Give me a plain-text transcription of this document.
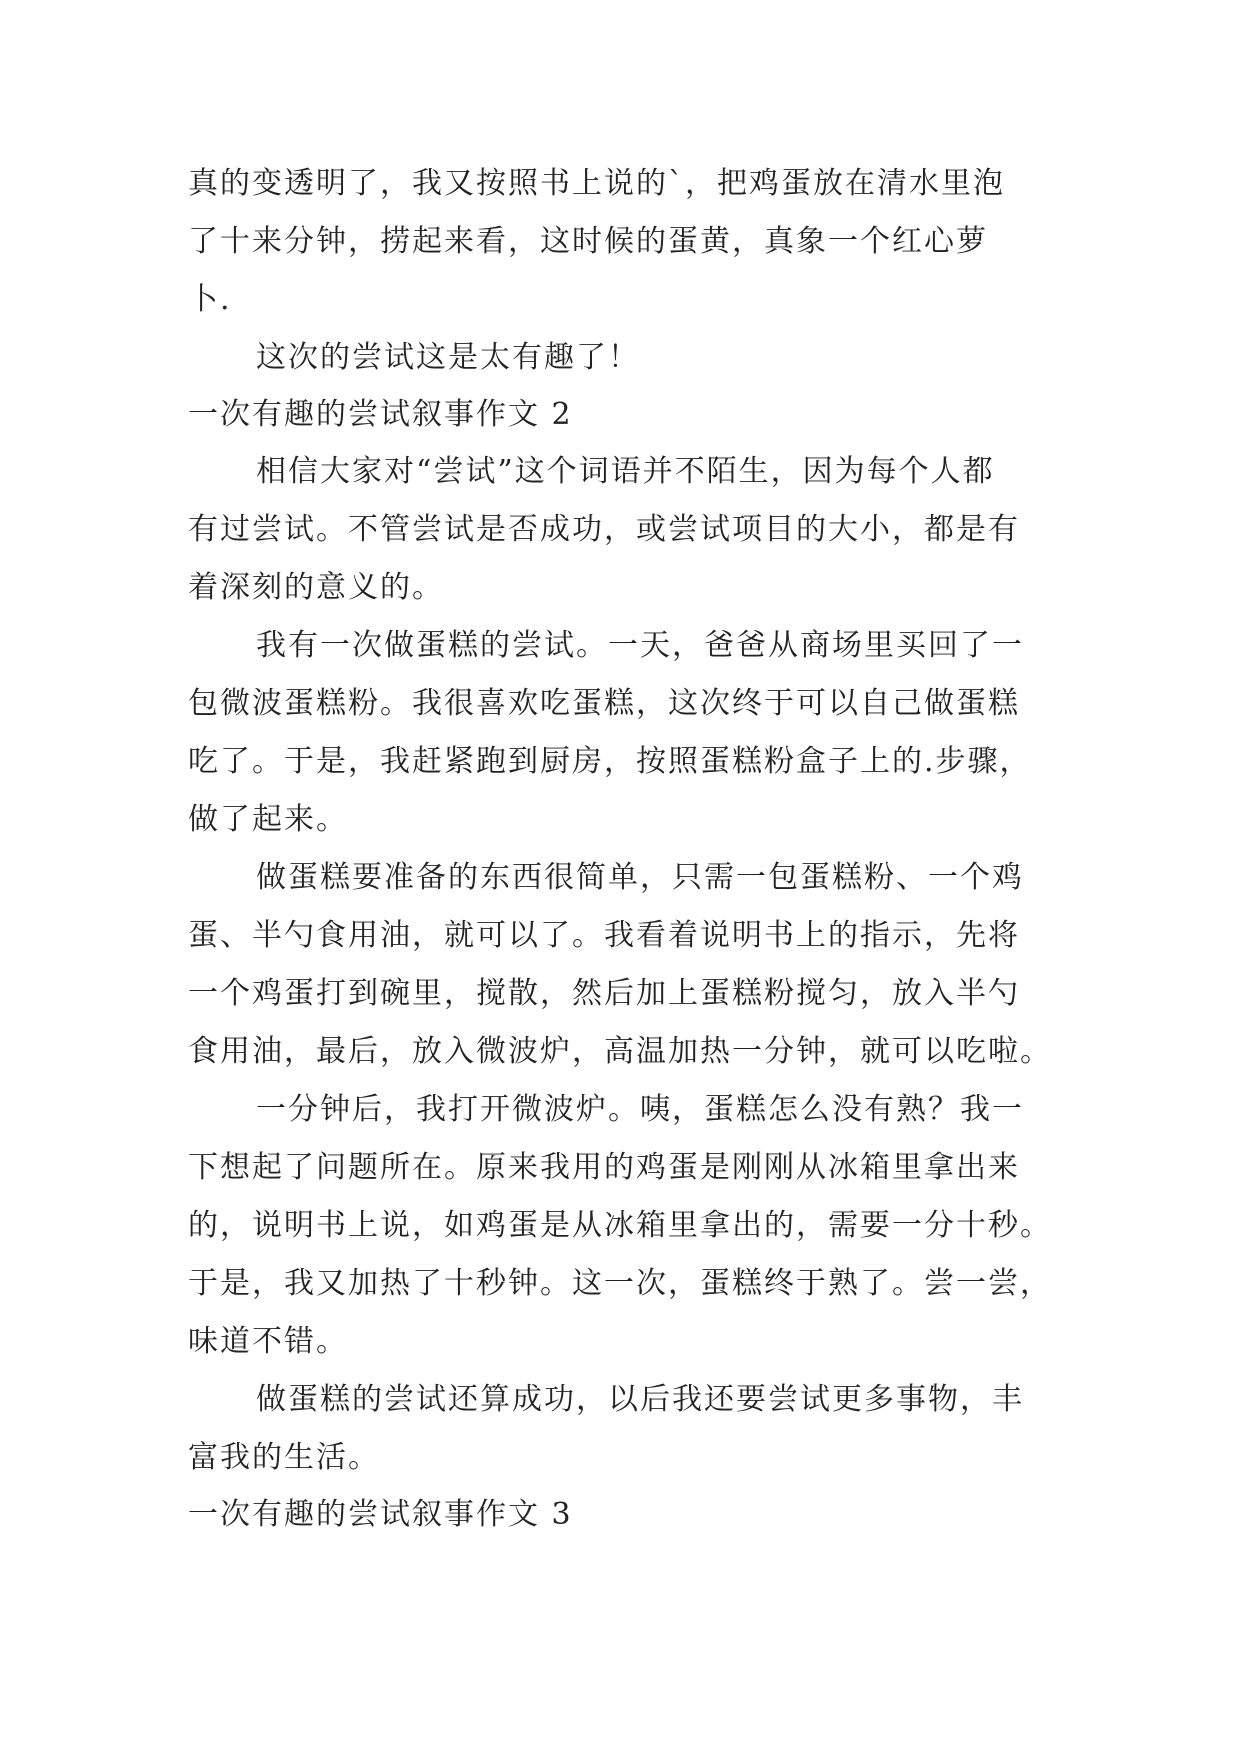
真的变透明了，我又按照书上说的`，把鸡蛋放在清水里泡
了十来分钟，捞起来看，这时候的蛋黄，真象一个红心萝
卜.
这次的尝试这是太有趣了！
一次有趣的尝试叙事作文 2
相信大家对“尝试”这个词语并不陌生，因为每个人都
有过尝试。不管尝试是否成功，或尝试项目的大小，都是有
着深刻的意义的。
我有一次做蛋糕的尝试。一天，爸爸从商场里买回了一
包微波蛋糕粉。我很喜欢吃蛋糕，这次终于可以自己做蛋糕
吃了。于是，我赶紧跑到厨房，按照蛋糕粉盒子上的.步骤，
做了起来。
做蛋糕要准备的东西很简单，只需一包蛋糕粉、一个鸡
蛋、半勺食用油，就可以了。我看着说明书上的指示，先将
一个鸡蛋打到碗里，搅散，然后加上蛋糕粉搅匀，放入半勺
食用油，最后，放入微波炉，高温加热一分钟，就可以吃啦。
一分钟后，我打开微波炉。咦，蛋糕怎么没有熟？我一
下想起了问题所在。原来我用的鸡蛋是刚刚从冰箱里拿出来
的，说明书上说，如鸡蛋是从冰箱里拿出的，需要一分十秒。
于是，我又加热了十秒钟。这一次，蛋糕终于熟了。尝一尝，
味道不错。
做蛋糕的尝试还算成功，以后我还要尝试更多事物，丰
富我的生活。
一次有趣的尝试叙事作文 3
